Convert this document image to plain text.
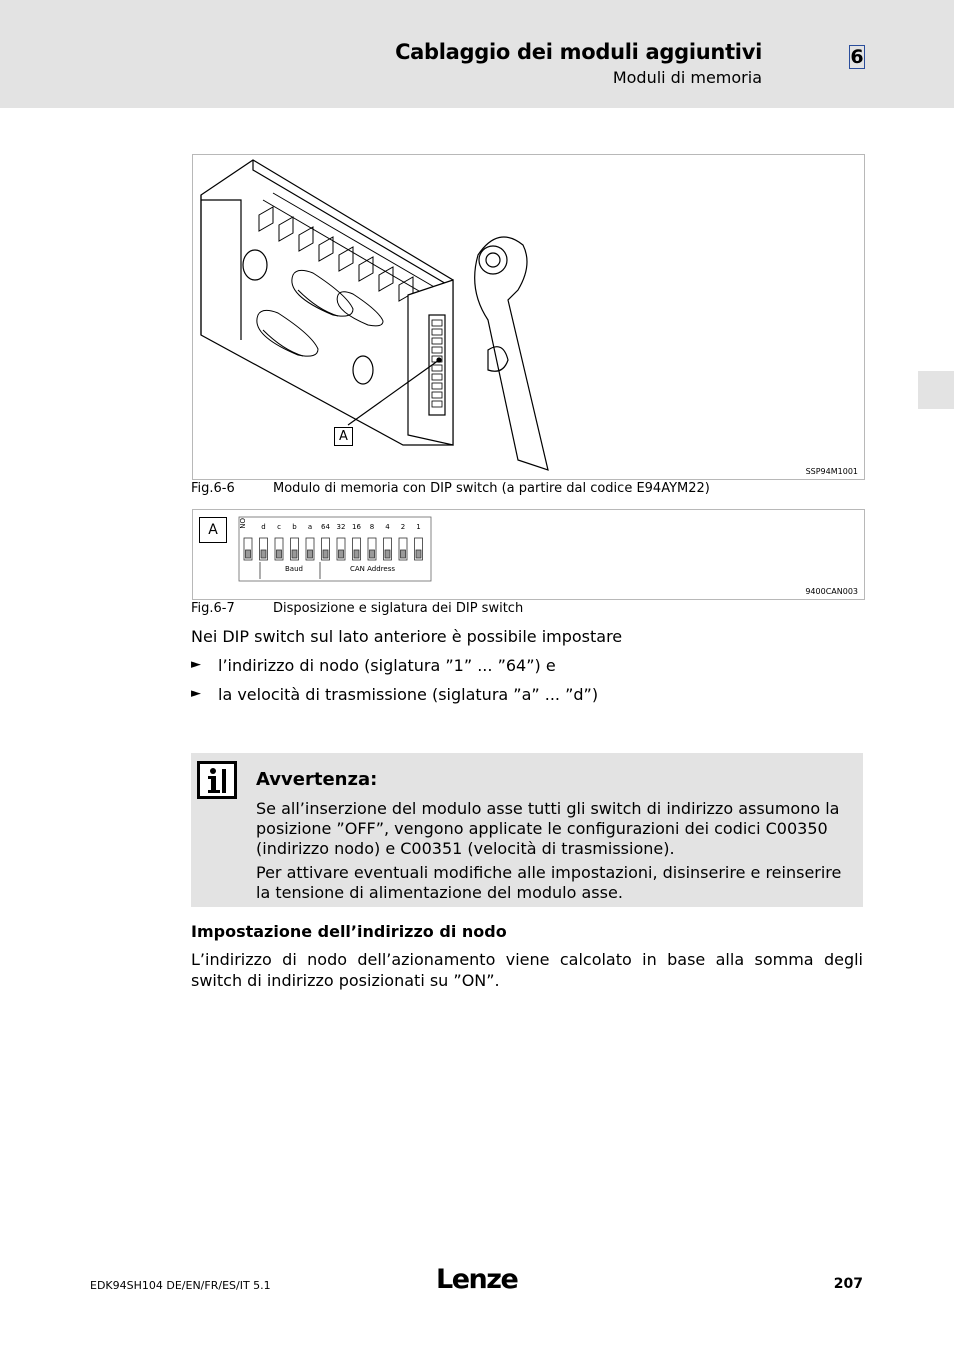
Cablaggio dei moduli aggiuntivi
Moduli di memoria
6
A
SSP94M1001
Fig.6-6	Modulo di memoria con DIP switch (a partire dal codice E94AYM22)
A	ON	d	c	b	a	64 32 16	8	4	2	1
Baud	CAN Address
9400CAN003
Fig.6-7	Disposizione e siglatura dei DIP switch
Nei DIP switch sul lato anteriore è possibile impostare
► l’indirizzo di nodo (siglatura ”1” ... ”64”) e
► la velocità di trasmissione (siglatura ”a” ... ”d”)
Avvertenza:
Se all’inserzione del modulo asse tutti gli switch di indirizzo assumono la posizione ”OFF”, vengono applicate le configurazioni dei codici C00350 (indirizzo nodo) e C00351 (velocità di trasmissione).
Per attivare eventuali modifiche alle impostazioni, disinserire e reinserire la tensione di alimentazione del modulo asse.
Impostazione dell’indirizzo di nodo
L’indirizzo di nodo dell’azionamento viene calcolato in base alla somma degli switch di indirizzo posizionati su ”ON”.
EDK94SH104 DE/EN/FR/ES/IT 5.1	Lenze	207
